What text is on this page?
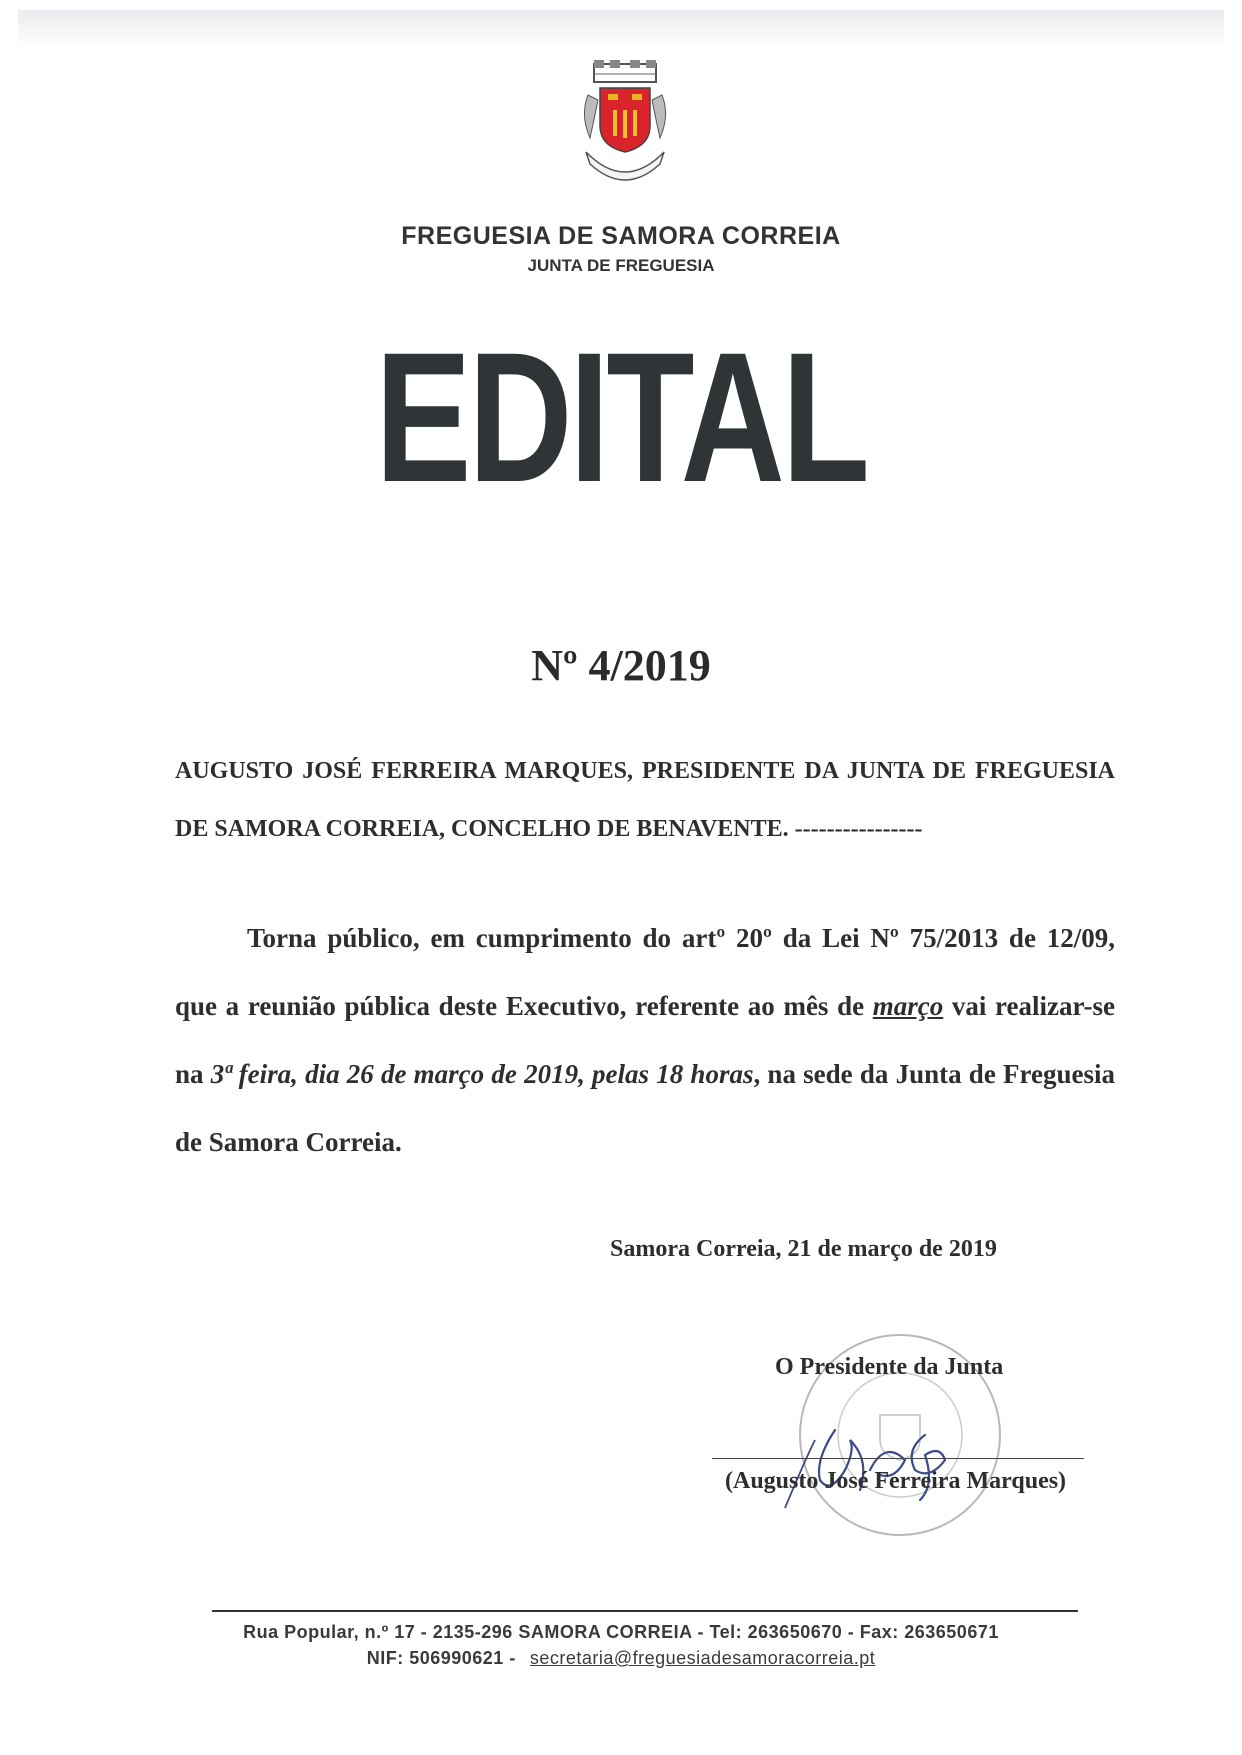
FREGUESIA DE SAMORA CORREIA
JUNTA DE FREGUESIA
EDITAL
Nº 4/2019
AUGUSTO JOSÉ FERREIRA MARQUES, PRESIDENTE DA JUNTA DE FREGUESIA DE SAMORA CORREIA, CONCELHO DE BENAVENTE. ----------------
Torna público, em cumprimento do artº 20º da Lei Nº 75/2013 de 12/09, que a reunião pública deste Executivo, referente ao mês de março vai realizar-se na 3ª feira, dia 26 de março de 2019, pelas 18 horas, na sede da Junta de Freguesia de Samora Correia.
Samora Correia, 21 de março de 2019
O Presidente da Junta
(Augusto José Ferreira Marques)
Rua Popular, n.º 17 - 2135-296 SAMORA CORREIA - Tel: 263650670 - Fax: 263650671
NIF: 506990621 - secretaria@freguesiadesamoracorreia.pt
